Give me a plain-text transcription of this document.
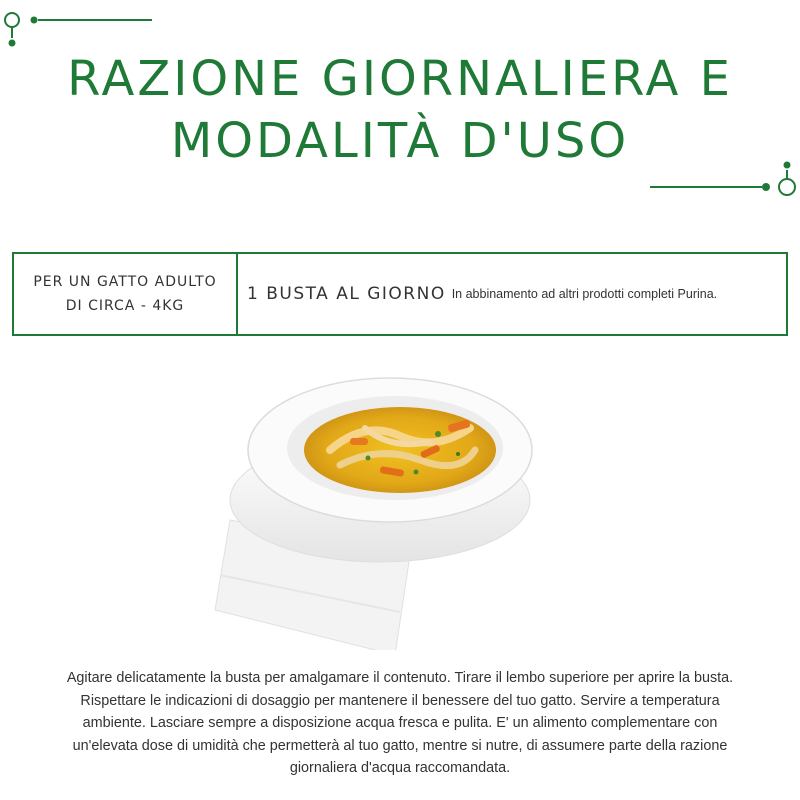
RAZIONE GIORNALIERA E
MODALITÀ D'USO
PER UN GATTO ADULTO
DI CIRCA - 4KG
1 BUSTA AL GIORNO In abbinamento ad altri prodotti completi Purina.

Agitare delicatamente la busta per amalgamare il contenuto. Tirare il lembo superiore per aprire la busta. Rispettare le indicazioni di dosaggio per mantenere il benessere del tuo gatto. Servire a temperatura ambiente. Lasciare sempre a disposizione acqua fresca e pulita. E' un alimento complementare con un'elevata dose di umidità che permetterà al tuo gatto, mentre si nutre, di assumere parte della razione giornaliera d'acqua raccomandata.
